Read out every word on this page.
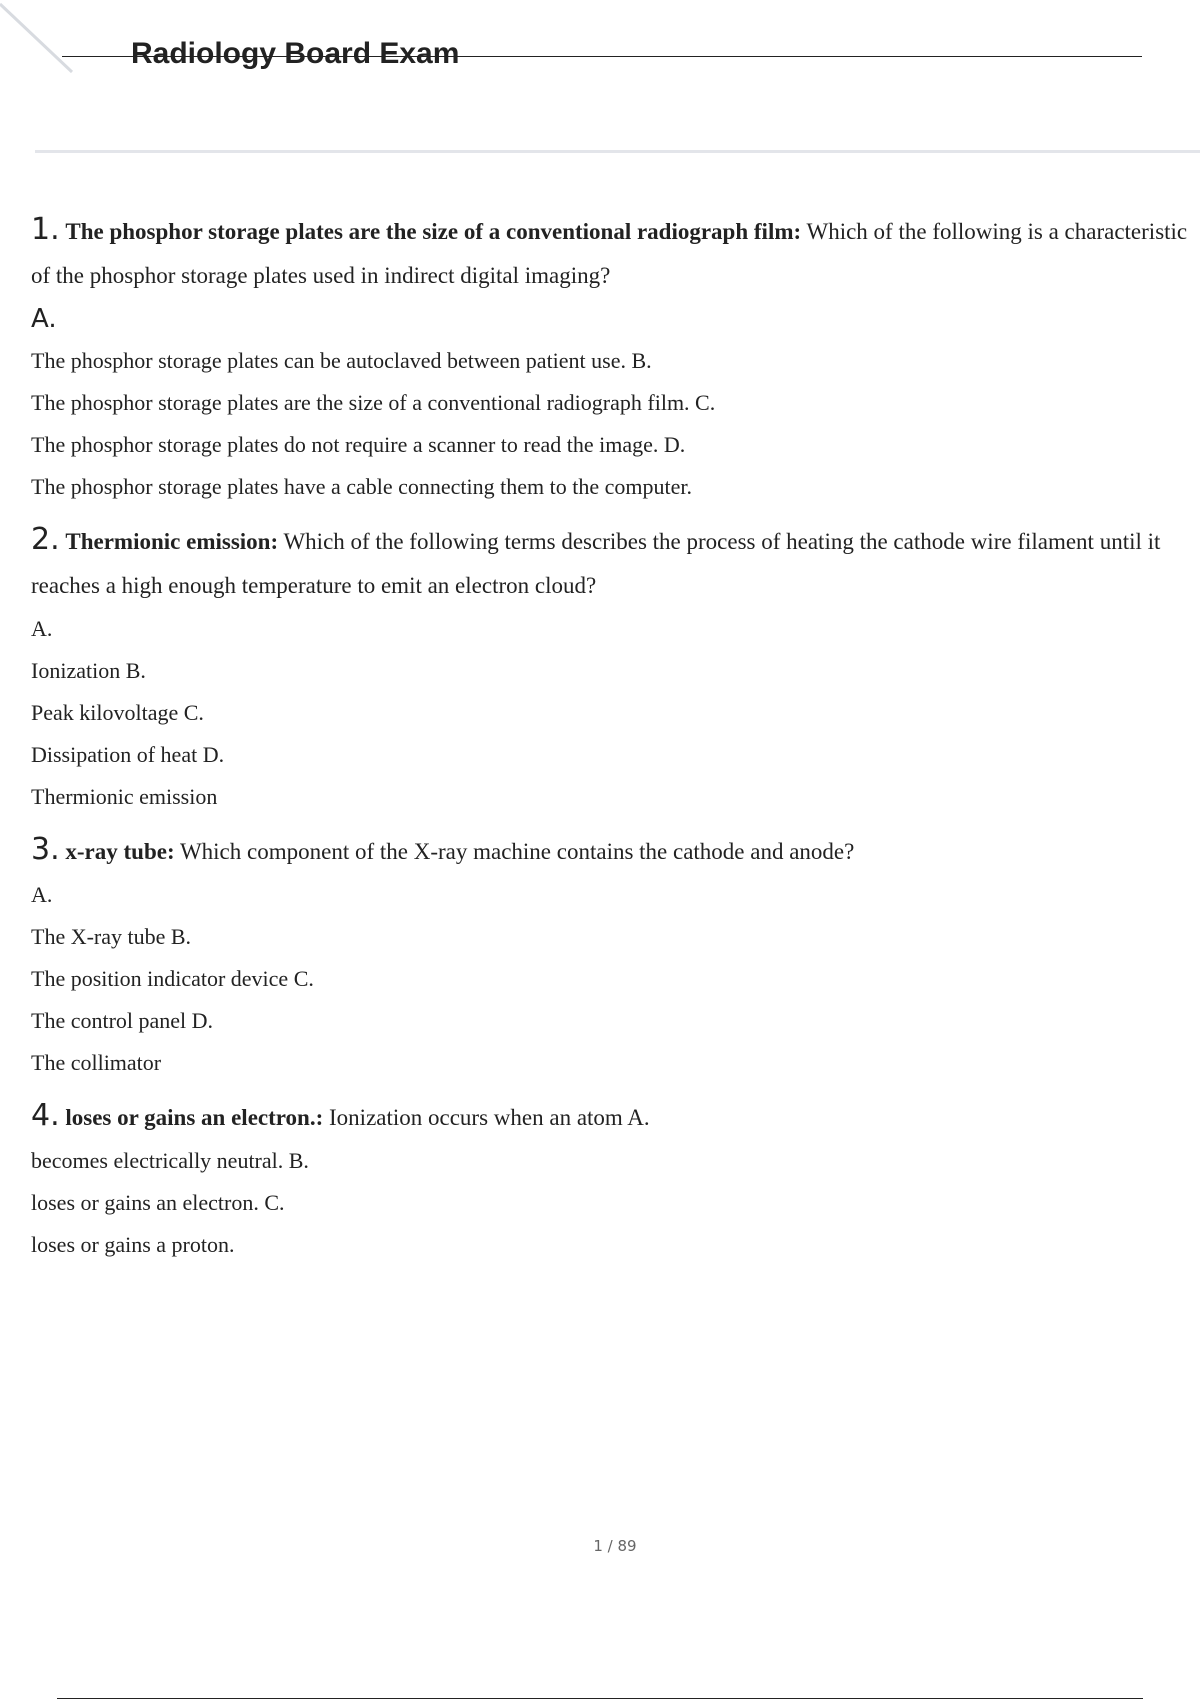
Radiology Board Exam

1. The phosphor storage plates are the size of a conventional radiograph film: Which of the following is a characteristic of the phosphor storage plates used in indirect digital imaging?

A.

The phosphor storage plates can be autoclaved between patient use. B.

The phosphor storage plates are the size of a conventional radiograph film. C.

The phosphor storage plates do not require a scanner to read the image. D.

The phosphor storage plates have a cable connecting them to the computer.

2. Thermionic emission: Which of the following terms describes the process of heating the cathode wire filament until it reaches a high enough temperature to emit an electron cloud?

A.

Ionization B.

Peak kilovoltage C.

Dissipation of heat D.

Thermionic emission

3. x-ray tube: Which component of the X-ray machine contains the cathode and anode?

A.

The X-ray tube B.

The position indicator device C.

The control panel D.

The collimator

4. loses or gains an electron.: Ionization occurs when an atom A.

becomes electrically neutral. B.

loses or gains an electron. C.

loses or gains a proton.

1 / 89
